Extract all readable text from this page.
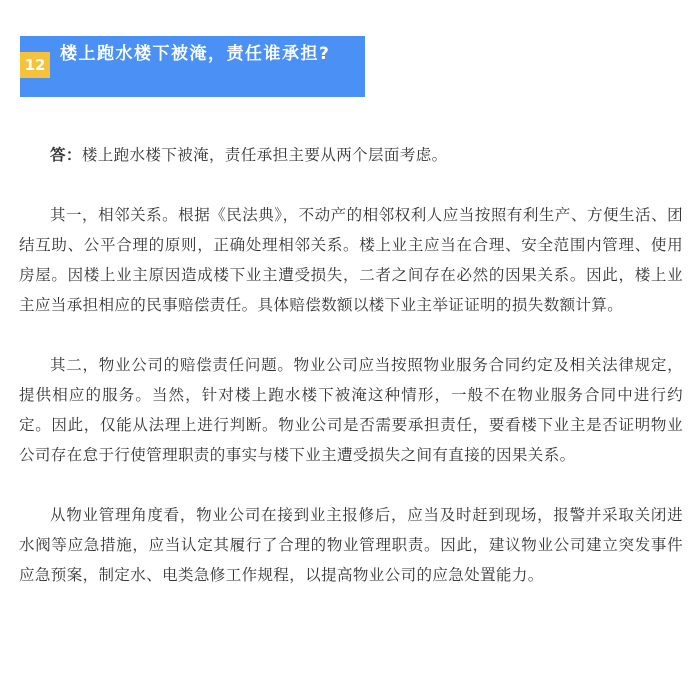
12
楼上跑水楼下被淹，责任谁承担?

答：楼上跑水楼下被淹，责任承担主要从两个层面考虑。

其一，相邻关系。根据《民法典》，不动产的相邻权利人应当按照有利生产、方便生活、团结互助、公平合理的原则，正确处理相邻关系。楼上业主应当在合理、安全范围内管理、使用房屋。因楼上业主原因造成楼下业主遭受损失，二者之间存在必然的因果关系。因此，楼上业主应当承担相应的民事赔偿责任。具体赔偿数额以楼下业主举证证明的损失数额计算。

其二，物业公司的赔偿责任问题。物业公司应当按照物业服务合同约定及相关法律规定，提供相应的服务。当然，针对楼上跑水楼下被淹这种情形，一般不在物业服务合同中进行约定。因此，仅能从法理上进行判断。物业公司是否需要承担责任，要看楼下业主是否证明物业公司存在怠于行使管理职责的事实与楼下业主遭受损失之间有直接的因果关系。

从物业管理角度看，物业公司在接到业主报修后，应当及时赶到现场，报警并采取关闭进水阀等应急措施，应当认定其履行了合理的物业管理职责。因此，建议物业公司建立突发事件应急预案，制定水、电类急修工作规程，以提高物业公司的应急处置能力。
